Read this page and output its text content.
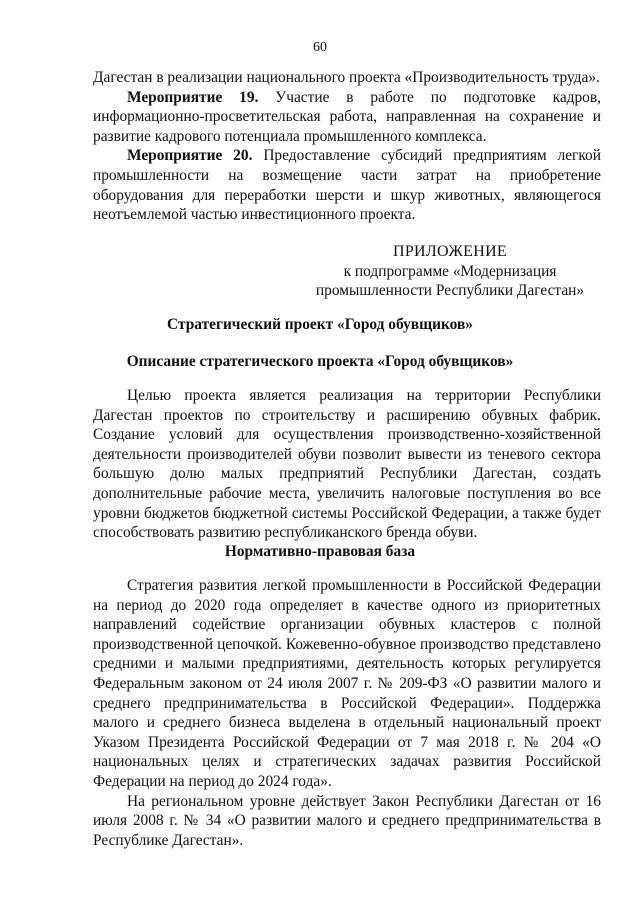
60

Дагестан в реализации национального проекта «Производительность труда».

Мероприятие 19. Участие в работе по подготовке кадров, информационно-просветительская работа, направленная на сохранение и развитие кадрового потенциала промышленного комплекса.

Мероприятие 20. Предоставление субсидий предприятиям легкой промышленности на возмещение части затрат на приобретение оборудования для переработки шерсти и шкур животных, являющегося неотъемлемой частью инвестиционного проекта.

ПРИЛОЖЕНИЕ
к подпрограмме «Модернизация
промышленности Республики Дагестан»
Стратегический проект «Город обувщиков»
Описание стратегического проекта «Город обувщиков»

Целью проекта является реализация на территории Республики Дагестан проектов по строительству и расширению обувных фабрик. Создание условий для осуществления производственно-хозяйственной деятельности производителей обуви позволит вывести из теневого сектора большую долю малых предприятий Республики Дагестан, создать дополнительные рабочие места, увеличить налоговые поступления во все уровни бюджетов бюджетной системы Российской Федерации, а также будет способствовать развитию республиканского бренда обуви.

Нормативно-правовая база

Стратегия развития легкой промышленности в Российской Федерации на период до 2020 года определяет в качестве одного из приоритетных направлений содействие организации обувных кластеров с полной производственной цепочкой. Кожевенно-обувное производство представлено средними и малыми предприятиями, деятельность которых регулируется Федеральным законом от 24 июля 2007 г. № 209-ФЗ «О развитии малого и среднего предпринимательства в Российской Федерации». Поддержка малого и среднего бизнеса выделена в отдельный национальный проект Указом Президента Российской Федерации от 7 мая 2018 г. № 204 «О национальных целях и стратегических задачах развития Российской Федерации на период до 2024 года».

На региональном уровне действует Закон Республики Дагестан от 16 июля 2008 г. № 34 «О развитии малого и среднего предпринимательства в Республике Дагестан».
